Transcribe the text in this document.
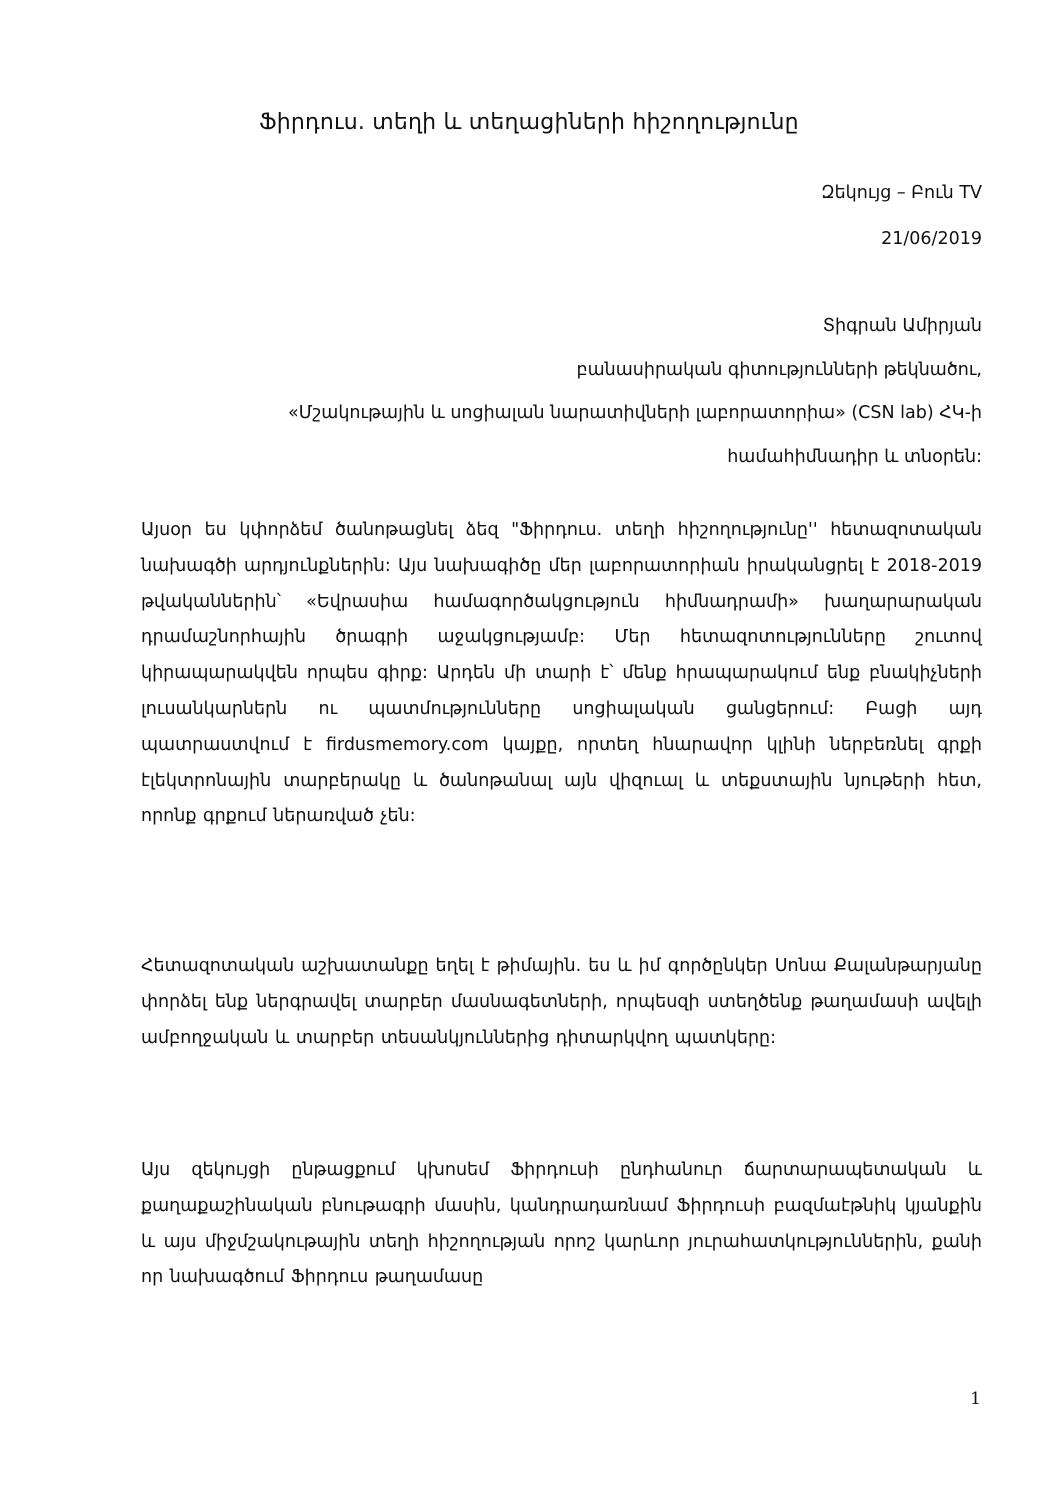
Ֆիրդուս. տեղի և տեղացիների հիշողությունը
Զեկույց – Բուն TV
21/06/2019
Տիգրան Ամիրյան
բանասիրական գիտությունների թեկնածու,
«Մշակութային և սոցիալան նարատիվների լաբորատորիա» (CSN lab) ՀԿ-ի
համահիմնադիր և տնօրեն:

Այսօր ես կփորձեմ ծանոթացնել ձեզ "Ֆիրդուս. տեղի հիշողությունը'' հետազոտական նախագծի արդյունքներին: Այս նախագիծը մեր լաբորատորիան իրականցրել է 2018-2019 թվականներին՝ «Եվրասիա համագործակցություն հիմնադրամի» խաղարարական դրամաշնորհային ծրագրի աջակցությամբ: Մեր հետազոտությունները շուտով կիրապարակվեն որպես գիրք: Արդեն մի տարի է՝ մենք հրապարակում ենք բնակիչների լուսանկարներն ու պատմությունները սոցիալական ցանցերում: Բացի այդ պատրաստվում է firdusmemory.com կայքը, որտեղ հնարավոր կլինի ներբեռնել գրքի էլեկտրոնային տարբերակը և ծանոթանալ այն վիզուալ և տեքստային նյութերի հետ, որոնք գրքում ներառված չեն:

Հետազոտական աշխատանքը եղել է թիմային. ես և իմ գործընկեր Սոնա Քալանթարյանը փորձել ենք ներգրավել տարբեր մասնագետների, որպեսզի ստեղծենք թաղամասի ավելի ամբողջական և տարբեր տեսանկյուններից դիտարկվող պատկերը:

Այս զեկույցի ընթացքում կխոսեմ Ֆիրդուսի ընդհանուր ճարտարապետական և քաղաքաշինական բնութագրի մասին, կանդրադառնամ Ֆիրդուսի բազմաէթնիկ կյանքին և այս միջմշակութային տեղի հիշողության որոշ կարևոր յուրահատկություններին, քանի որ նախագծում Ֆիրդուս թաղամասը

1
